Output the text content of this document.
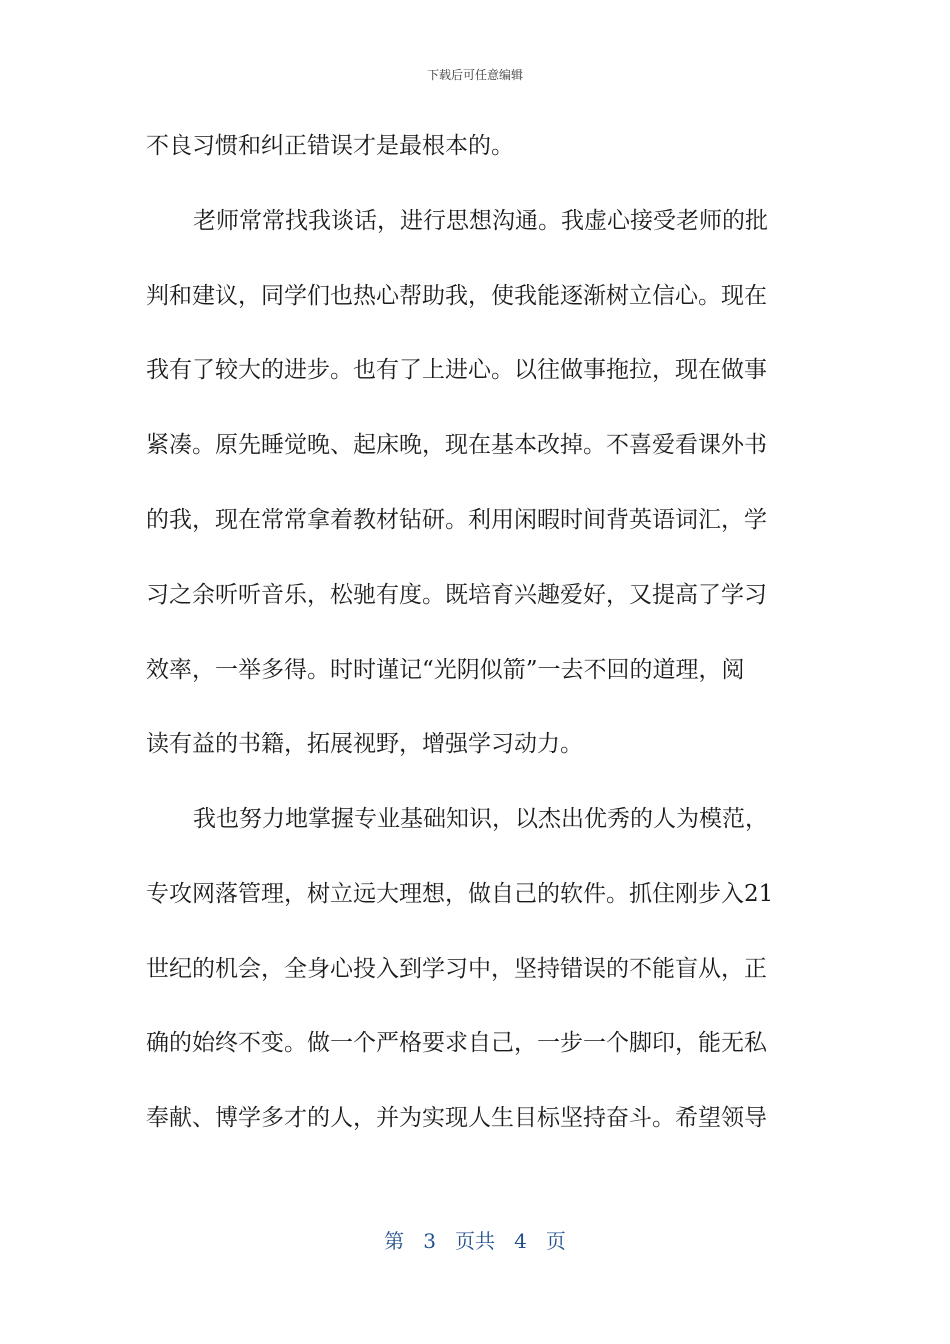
下载后可任意编辑
不良习惯和纠正错误才是最根本的。
老师常常找我谈话，进行思想沟通。我虚心接受老师的批
判和建议，同学们也热心帮助我，使我能逐渐树立信心。现在
我有了较大的进步。也有了上进心。以往做事拖拉，现在做事
紧凑。原先睡觉晚、起床晚，现在基本改掉。不喜爱看课外书
的我，现在常常拿着教材钻研。利用闲暇时间背英语词汇，学
习之余听听音乐，松驰有度。既培育兴趣爱好，又提高了学习
效率，一举多得。时时谨记“光阴似箭”一去不回的道理，阅
读有益的书籍，拓展视野，增强学习动力。
我也努力地掌握专业基础知识，以杰出优秀的人为模范，
专攻网落管理，树立远大理想，做自己的软件。抓住刚步入21
世纪的机会，全身心投入到学习中，坚持错误的不能盲从，正
确的始终不变。做一个严格要求自己，一步一个脚印，能无私
奉献、博学多才的人，并为实现人生目标坚持奋斗。希望领导
第 3 页共 4 页
